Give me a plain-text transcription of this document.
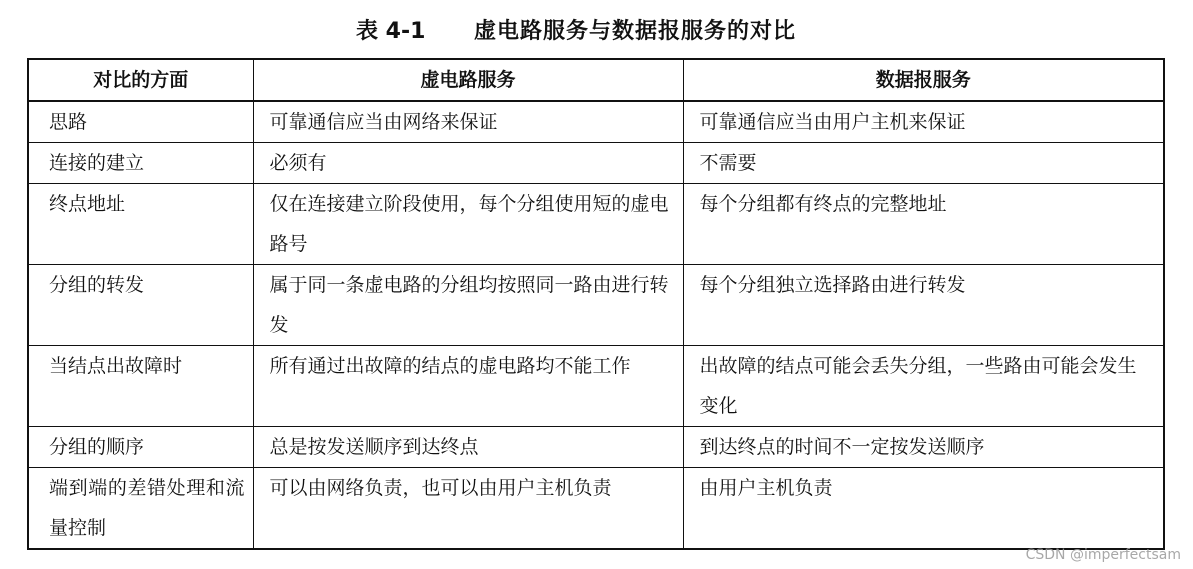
表 4-1 虚电路服务与数据报服务的对比
对比的方面	虚电路服务	数据报服务
思路	可靠通信应当由网络来保证	可靠通信应当由用户主机来保证
连接的建立	必须有	不需要
终点地址	仅在连接建立阶段使用，每个分组使用短的虚电路号	每个分组都有终点的完整地址
分组的转发	属于同一条虚电路的分组均按照同一路由进行转发	每个分组独立选择路由进行转发
当结点出故障时	所有通过出故障的结点的虚电路均不能工作	出故障的结点可能会丢失分组，一些路由可能会发生变化
分组的顺序	总是按发送顺序到达终点	到达终点的时间不一定按发送顺序
端到端的差错处理和流量控制	可以由网络负责，也可以由用户主机负责	由用户主机负责
CSDN @imperfectsam
